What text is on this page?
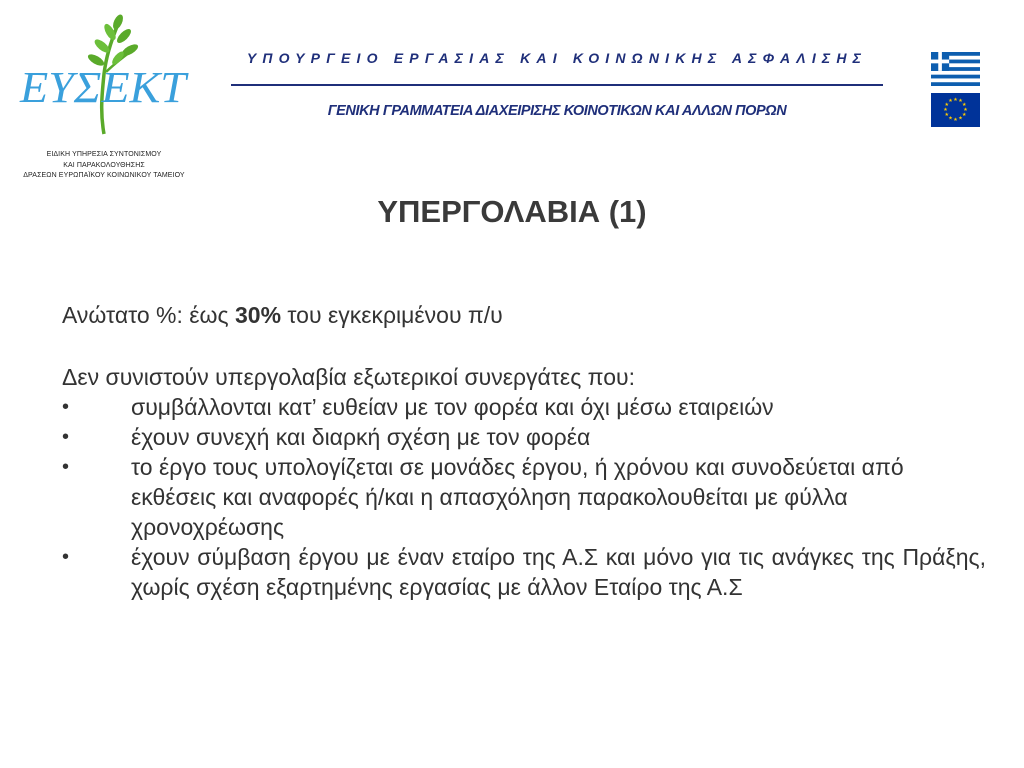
ΕΥΣΕΚΤ
ΕΙΔΙΚΗ ΥΠΗΡΕΣΙΑ ΣΥΝΤΟΝΙΣΜΟΥ
ΚΑΙ ΠΑΡΑΚΟΛΟΥΘΗΣΗΣ
ΔΡΑΣΕΩΝ ΕΥΡΩΠΑΪΚΟΥ ΚΟΙΝΩΝΙΚΟΥ ΤΑΜΕΙΟΥ
ΥΠΟΥΡΓΕΙΟ ΕΡΓΑΣΙΑΣ ΚΑΙ ΚΟΙΝΩΝΙΚΗΣ ΑΣΦΑΛΙΣΗΣ
ΓΕΝΙΚΗ ΓΡΑΜΜΑΤΕΙΑ ΔΙΑΧΕΙΡΙΣΗΣ ΚΟΙΝΟΤΙΚΩΝ ΚΑΙ ΑΛΛΩΝ ΠΟΡΩΝ
★ ★
★
★
★
★
★
★
★
★
★
★
ΥΠΕΡΓΟΛΑΒΙΑ (1)

Ανώτατο %: έως 30% του εγκεκριμένου π/υ

Δεν συνιστούν υπεργολαβία εξωτερικοί συνεργάτες που:

•	συμβάλλονται κατ’ ευθείαν με τον φορέα και όχι μέσω εταιρειών
•	έχουν συνεχή και διαρκή σχέση με τον φορέα
•	το έργο τους υπολογίζεται σε μονάδες έργου, ή χρόνου και συνοδεύεται από εκθέσεις και αναφορές ή/και η απασχόληση παρακολουθείται με φύλλα χρονοχρέωσης
•	έχουν σύμβαση έργου με έναν εταίρο της Α.Σ και μόνο για τις ανάγκες της Πράξης, χωρίς σχέση εξαρτημένης εργασίας με άλλον Εταίρο της Α.Σ
